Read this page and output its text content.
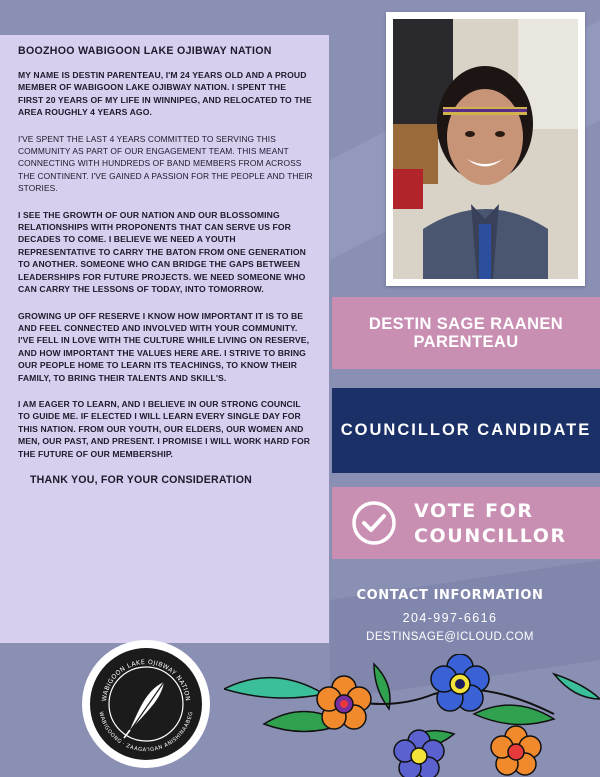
BOOZHOO WABIGOON LAKE OJIBWAY NATION

MY NAME IS DESTIN PARENTEAU, I'M 24 YEARS OLD AND A PROUD MEMBER OF WABIGOON LAKE OJIBWAY NATION. I SPENT THE FIRST 20 YEARS OF MY LIFE IN WINNIPEG, AND RELOCATED TO THE AREA ROUGHLY 4 YEARS AGO.

I'VE SPENT THE LAST 4 YEARS COMMITTED TO SERVING THIS COMMUNITY AS PART OF OUR ENGAGEMENT TEAM. THIS MEANT CONNECTING WITH HUNDREDS OF BAND MEMBERS FROM ACROSS THE CONTINENT. I'VE GAINED A PASSION FOR THE PEOPLE AND THEIR STORIES.

I SEE THE GROWTH OF OUR NATION AND OUR BLOSSOMING RELATIONSHIPS WITH PROPONENTS THAT CAN SERVE US FOR DECADES TO COME. I BELIEVE WE NEED A YOUTH REPRESENTATIVE TO CARRY THE BATON FROM ONE GENERATION TO ANOTHER. SOMEONE WHO CAN BRIDGE THE GAPS BETWEEN LEADERSHIPS FOR FUTURE PROJECTS. WE NEED SOMEONE WHO CAN CARRY THE LESSONS OF TODAY, INTO TOMORROW.

GROWING UP OFF RESERVE I KNOW HOW IMPORTANT IT IS TO BE AND FEEL CONNECTED AND INVOLVED WITH YOUR COMMUNITY. I'VE FELL IN LOVE WITH THE CULTURE WHILE LIVING ON RESERVE, AND HOW IMPORTANT THE VALUES HERE ARE. I STRIVE TO BRING OUR PEOPLE HOME TO LEARN ITS TEACHINGS, TO KNOW THEIR FAMILY, TO BRING THEIR TALENTS AND SKILL'S.

I AM EAGER TO LEARN, AND I BELIEVE IN OUR STRONG COUNCIL TO GUIDE ME. IF ELECTED I WILL LEARN EVERY SINGLE DAY FOR THIS NATION. FROM OUR YOUTH, OUR ELDERS, OUR WOMEN AND MEN, OUR PAST, AND PRESENT. I PROMISE I WILL WORK HARD FOR THE FUTURE OF OUR MEMBERSHIP.

THANK YOU, FOR YOUR CONSIDERATION
DESTIN SAGE RAANEN PARENTEAU
COUNCILLOR CANDIDATE
VOTE FOR COUNCILLOR
CONTACT INFORMATION
204-997-6616
DESTINSAGE@ICLOUD.COM
WABIGOON LAKE OJIBWAY NATION
WABIGOONG · ZAAGA'IGAN ANISHINAABEG
